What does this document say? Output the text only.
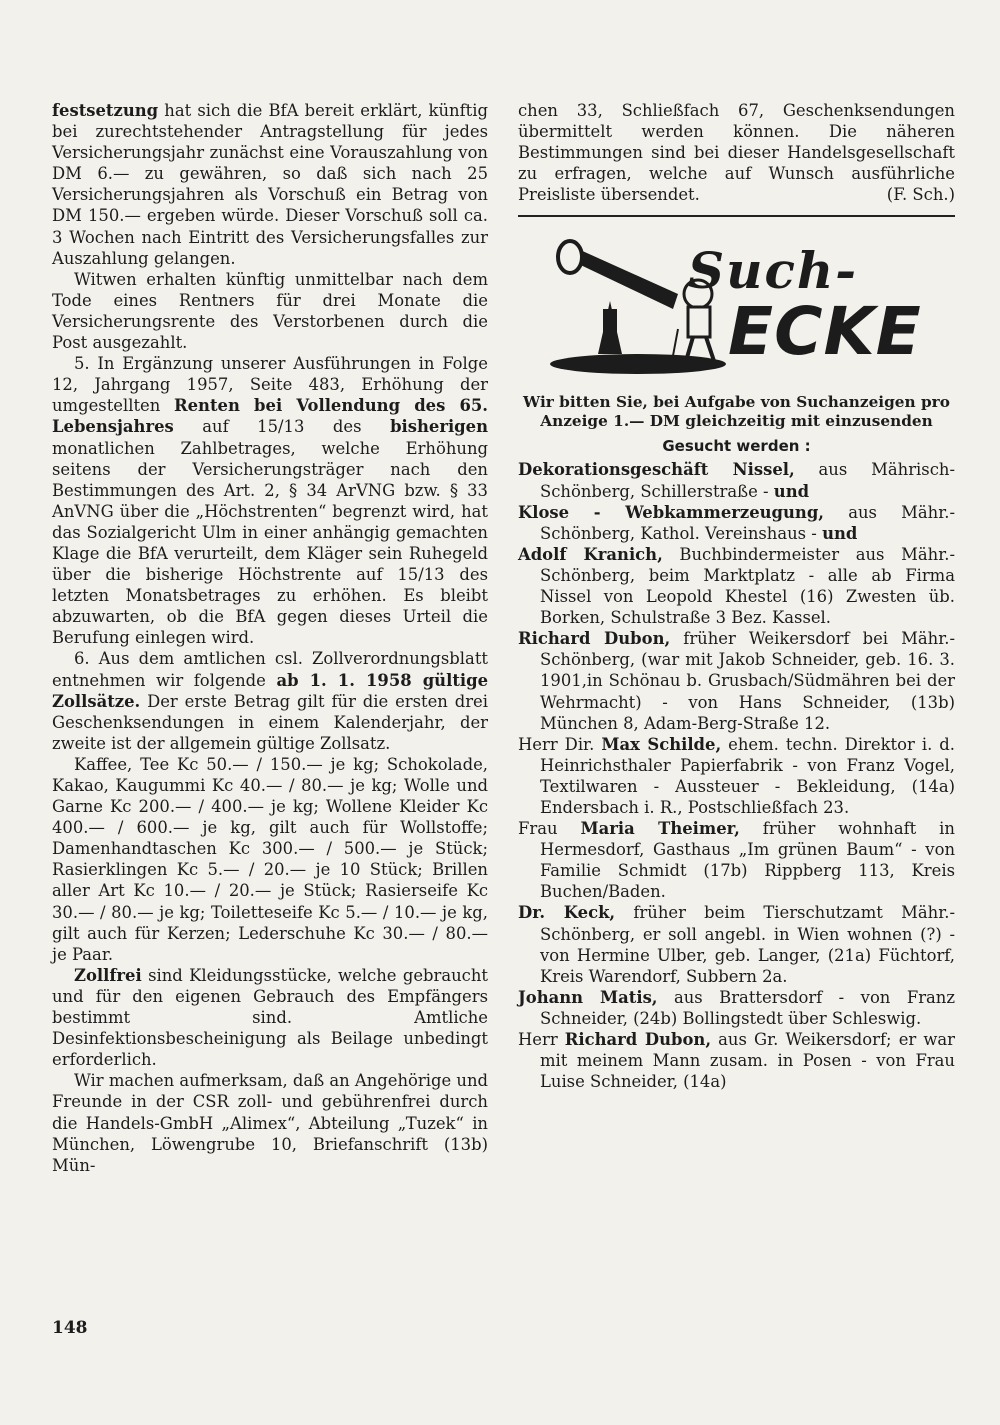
festsetzung hat sich die BfA bereit erklärt, künftig bei zurechtstehender Antragstellung für jedes Versicherungsjahr zunächst eine Vorauszahlung von DM 6.— zu gewähren, so daß sich nach 25 Versicherungsjahren als Vorschuß ein Betrag von DM 150.— ergeben würde. Dieser Vorschuß soll ca. 3 Wochen nach Eintritt des Versicherungsfalles zur Auszahlung gelangen.

Witwen erhalten künftig unmittelbar nach dem Tode eines Rentners für drei Monate die Versicherungsrente des Verstorbenen durch die Post ausgezahlt.

5. In Ergänzung unserer Ausführungen in Folge 12, Jahrgang 1957, Seite 483, Erhöhung der umgestellten Renten bei Vollendung des 65. Lebensjahres auf 15/13 des bisherigen monatlichen Zahlbetrages, welche Erhöhung seitens der Versicherungsträger nach den Bestimmungen des Art. 2, § 34 ArVNG bzw. § 33 AnVNG über die „Höchstrenten“ begrenzt wird, hat das Sozialgericht Ulm in einer anhängig gemachten Klage die BfA verurteilt, dem Kläger sein Ruhegeld über die bisherige Höchstrente auf 15/13 des letzten Monatsbetrages zu erhöhen. Es bleibt abzuwarten, ob die BfA gegen dieses Urteil die Berufung einlegen wird.

6. Aus dem amtlichen csl. Zollverordnungsblatt entnehmen wir folgende ab 1. 1. 1958 gültige Zollsätze. Der erste Betrag gilt für die ersten drei Geschenksendungen in einem Kalenderjahr, der zweite ist der allgemein gültige Zollsatz.

Kaffee, Tee Kc 50.— / 150.— je kg; Schokolade, Kakao, Kaugummi Kc 40.— / 80.— je kg; Wolle und Garne Kc 200.— / 400.— je kg; Wollene Kleider Kc 400.— / 600.— je kg, gilt auch für Wollstoffe; Damenhandtaschen Kc 300.— / 500.— je Stück; Rasierklingen Kc 5.— / 20.— je 10 Stück; Brillen aller Art Kc 10.— / 20.— je Stück; Rasierseife Kc 30.— / 80.— je kg; Toiletteseife Kc 5.— / 10.— je kg, gilt auch für Kerzen; Lederschuhe Kc 30.— / 80.— je Paar.

Zollfrei sind Kleidungsstücke, welche gebraucht und für den eigenen Gebrauch des Empfängers bestimmt sind. Amtliche Desinfektionsbescheinigung als Beilage unbedingt erforderlich.

Wir machen aufmerksam, daß an Angehörige und Freunde in der CSR zoll- und gebührenfrei durch die Handels-GmbH „Alimex“, Abteilung „Tuzek“ in München, Löwengrube 10, Briefanschrift (13b) Mün-

chen 33, Schließfach 67, Geschenksendungen übermittelt werden können. Die näheren Bestimmungen sind bei dieser Handelsgesellschaft zu erfragen, welche auf Wunsch ausführliche Preisliste übersendet.	(F. Sch.)

Such-
ECKE
Wir bitten Sie, bei Aufgabe von Suchanzeigen pro Anzeige 1.— DM gleichzeitig mit einzusenden
Gesucht werden :

Dekorationsgeschäft Nissel, aus Mährisch-Schönberg, Schillerstraße - und

Klose - Webkammerzeugung, aus Mähr.-Schönberg, Kathol. Vereinshaus - und

Adolf Kranich, Buchbindermeister aus Mähr.-Schönberg, beim Marktplatz - alle ab Firma Nissel von Leopold Khestel (16) Zwesten üb. Borken, Schulstraße 3 Bez. Kassel.

Richard Dubon, früher Weikersdorf bei Mähr.-Schönberg, (war mit Jakob Schneider, geb. 16. 3. 1901,in Schönau b. Grusbach/Südmähren bei der Wehrmacht) - von Hans Schneider, (13b) München 8, Adam-Berg-Straße 12.

Herr Dir. Max Schilde, ehem. techn. Direktor i. d. Heinrichsthaler Papierfabrik - von Franz Vogel, Textilwaren - Aussteuer - Bekleidung, (14a) Endersbach i. R., Postschließfach 23.

Frau Maria Theimer, früher wohnhaft in Hermesdorf, Gasthaus „Im grünen Baum“ - von Familie Schmidt (17b) Rippberg 113, Kreis Buchen/Baden.

Dr. Keck, früher beim Tierschutzamt Mähr.-Schönberg, er soll angebl. in Wien wohnen (?) - von Hermine Ulber, geb. Langer, (21a) Füchtorf, Kreis Warendorf, Subbern 2a.

Johann Matis, aus Brattersdorf - von Franz Schneider, (24b) Bollingstedt über Schleswig.

Herr Richard Dubon, aus Gr. Weikersdorf; er war mit meinem Mann zusam. in Posen - von Frau Luise Schneider, (14a)

148
